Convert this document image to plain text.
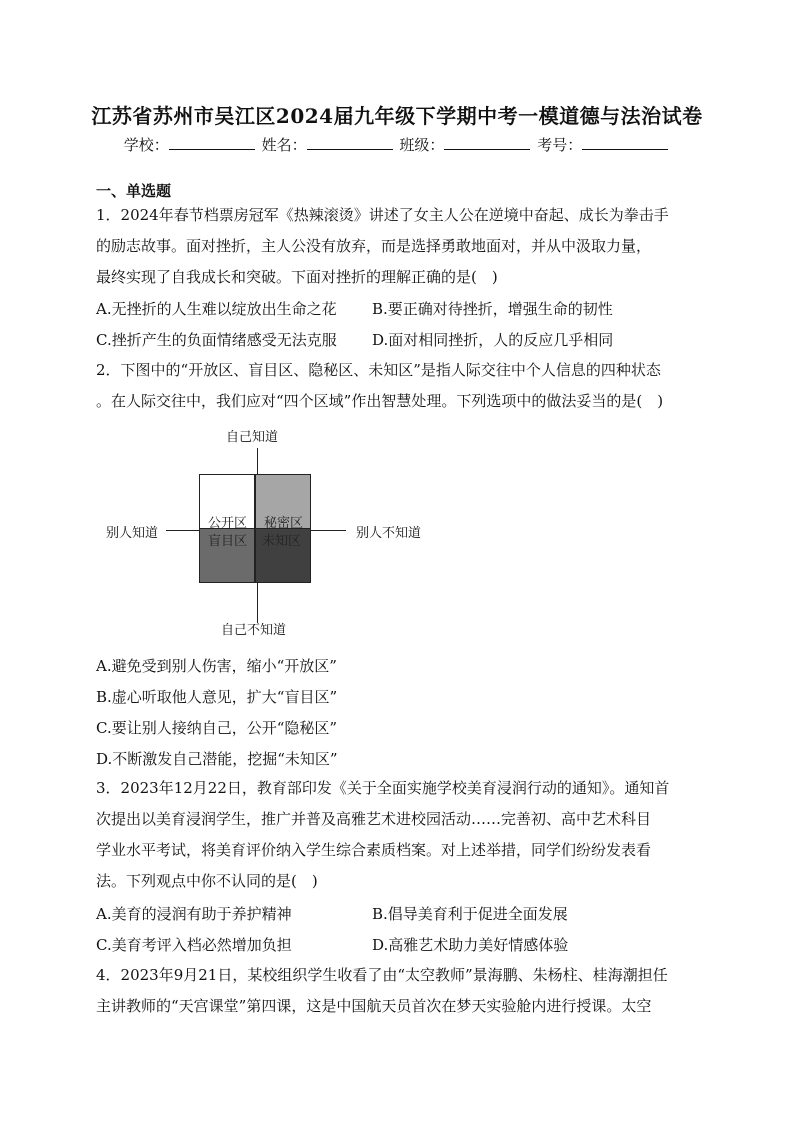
江苏省苏州市吴江区2024届九年级下学期中考一模道德与法治试卷
学校：	姓名：	班级：	考号：
一、单选题
1．2024年春节档票房冠军《热辣滚烫》讲述了女主人公在逆境中奋起、成长为拳击手
的励志故事。面对挫折，主人公没有放弃，而是选择勇敢地面对，并从中汲取力量，
最终实现了自我成长和突破。下面对挫折的理解正确的是(　)
A.无挫折的人生难以绽放出生命之花 B.要正确对待挫折，增强生命的韧性
C.挫折产生的负面情绪感受无法克服 D.面对相同挫折，人的反应几乎相同
2．下图中的“开放区、盲目区、隐秘区、未知区”是指人际交往中个人信息的四种状态
。在人际交往中，我们应对“四个区域”作出智慧处理。下列选项中的做法妥当的是(　)
公开区 秘密区
盲目区 未知区
自己知道
自己不知道
别人知道	别人不知道
A.避免受到别人伤害，缩小“开放区”
B.虚心听取他人意见，扩大“盲目区”
C.要让别人接纳自己，公开“隐秘区”
D.不断激发自己潜能，挖掘“未知区”
3．2023年12月22日，教育部印发《关于全面实施学校美育浸润行动的通知》。通知首
次提出以美育浸润学生，推广并普及高雅艺术进校园活动……完善初、高中艺术科目
学业水平考试，将美育评价纳入学生综合素质档案。对上述举措，同学们纷纷发表看
法。下列观点中你不认同的是(　)
A.美育的浸润有助于养护精神	B.倡导美育利于促进全面发展
C.美育考评入档必然增加负担	D.高雅艺术助力美好情感体验
4．2023年9月21日，某校组织学生收看了由“太空教师”景海鹏、朱杨柱、桂海潮担任
主讲教师的“天宫课堂”第四课，这是中国航天员首次在梦天实验舱内进行授课。太空
